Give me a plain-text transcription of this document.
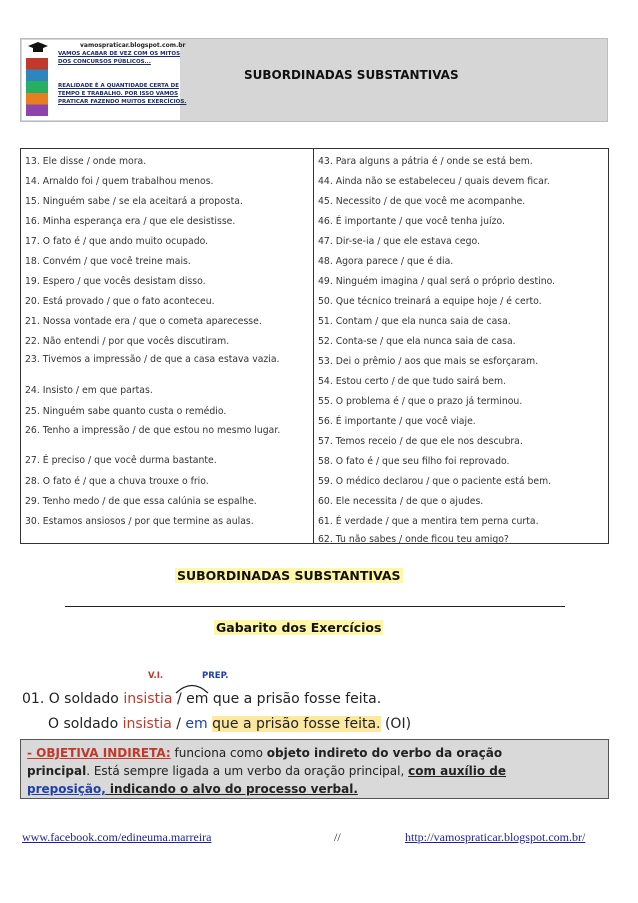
vamospraticar.blogspot.com.br
VAMOS ACABAR DE VEZ COM OS MITOS
DOS CONCURSOS PÚBLICOS...
REALIDADE É A QUANTIDADE CERTA DE
TEMPO E TRABALHO. POR ISSO VAMOS
PRATICAR FAZENDO MUITOS EXERCÍCIOS.
SUBORDINADAS SUBSTANTIVAS
13. Ele disse / onde mora.
14. Arnaldo foi / quem trabalhou menos.
15. Ninguém sabe / se ela aceitará a proposta.
16. Minha esperança era / que ele desistisse.
17. O fato é / que ando muito ocupado.
18. Convém / que você treine mais.
19. Espero / que vocês desistam disso.
20. Está provado / que o fato aconteceu.
21. Nossa vontade era / que o cometa aparecesse.
22. Não entendi / por que vocês discutiram.
23. Tivemos a impressão / de que a casa estava vazia.
24. Insisto / em que partas.
25. Ninguém sabe quanto custa o remédio.
26. Tenho a impressão / de que estou no mesmo lugar.
27. É preciso / que você durma bastante.
28. O fato é / que a chuva trouxe o frio.
29. Tenho medo / de que essa calúnia se espalhe.
30. Estamos ansiosos / por que termine as aulas.
43. Para alguns a pátria é / onde se está bem.
44. Ainda não se estabeleceu / quais devem ficar.
45. Necessito / de que você me acompanhe.
46. É importante / que você tenha juízo.
47. Dir-se-ia / que ele estava cego.
48. Agora parece / que é dia.
49. Ninguém imagina / qual será o próprio destino.
50. Que técnico treinará a equipe hoje / é certo.
51. Contam / que ela nunca saia de casa.
52. Conta-se / que ela nunca saia de casa.
53. Dei o prêmio / aos que mais se esforçaram.
54. Estou certo / de que tudo sairá bem.
55. O problema é / que o prazo já terminou.
56. É importante / que você viaje.
57. Temos receio / de que ele nos descubra.
58. O fato é / que seu filho foi reprovado.
59. O médico declarou / que o paciente está bem.
60. Ele necessita / de que o ajudes.
61. É verdade / que a mentira tem perna curta.
62. Tu não sabes / onde ficou teu amigo?
SUBORDINADAS SUBSTANTIVAS
Gabarito dos Exercícios
V.I.	PREP.
01. O soldado insistia / em que a prisão fosse feita.
O soldado insistia / em que a prisão fosse feita. (OI)
- OBJETIVA INDIRETA: funciona como objeto indireto do verbo da oração
principal. Está sempre ligada a um verbo da oração principal, com auxílio de
preposição, indicando o alvo do processo verbal.
www.facebook.com/edineuma.marreira	//	http://vamospraticar.blogspot.com.br/
